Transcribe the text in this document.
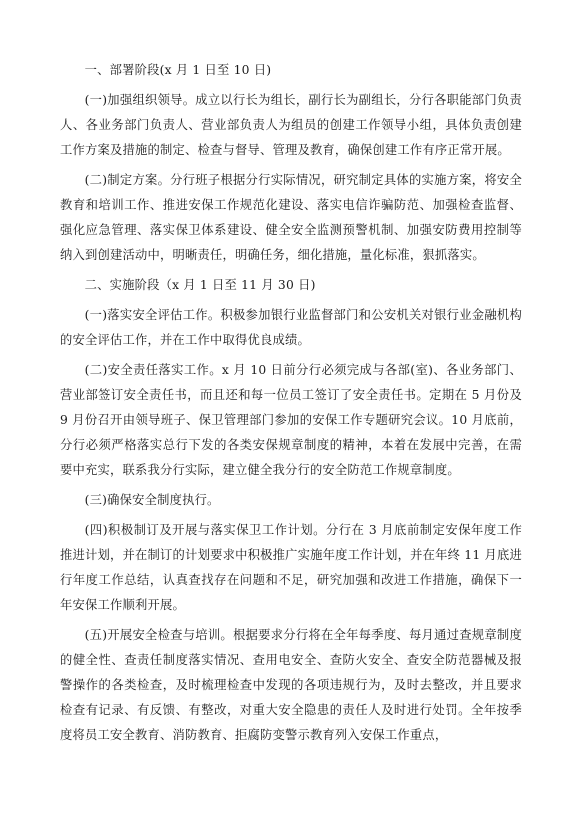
一、部署阶段(x 月 1 日至 10 日)

(一)加强组织领导。成立以行长为组长，副行长为副组长，分行各职能部门负责人、各业务部门负责人、营业部负责人为组员的创建工作领导小组，具体负责创建工作方案及措施的制定、检查与督导、管理及教育，确保创建工作有序正常开展。

(二)制定方案。分行班子根据分行实际情况，研究制定具体的实施方案，将安全教育和培训工作、推进安保工作规范化建设、落实电信诈骗防范、加强检查监督、强化应急管理、落实保卫体系建设、健全安全监测预警机制、加强安防费用控制等纳入到创建活动中，明晰责任，明确任务，细化措施，量化标准，狠抓落实。

二、实施阶段（x 月 1 日至 11 月 30 日)

(一)落实安全评估工作。积极参加银行业监督部门和公安机关对银行业金融机构的安全评估工作，并在工作中取得优良成绩。

(二)安全责任落实工作。x 月 10 日前分行必须完成与各部(室)、各业务部门、营业部签订安全责任书，而且还和每一位员工签订了安全责任书。定期在 5 月份及 9 月份召开由领导班子、保卫管理部门参加的安保工作专题研究会议。10 月底前，分行必须严格落实总行下发的各类安保规章制度的精神，本着在发展中完善，在需要中充实，联系我分行实际，建立健全我分行的安全防范工作规章制度。

(三)确保安全制度执行。

(四)积极制订及开展与落实保卫工作计划。分行在 3 月底前制定安保年度工作推进计划，并在制订的计划要求中积极推广实施年度工作计划，并在年终 11 月底进行年度工作总结，认真查找存在问题和不足，研究加强和改进工作措施，确保下一年安保工作顺利开展。

(五)开展安全检查与培训。根据要求分行将在全年每季度、每月通过查规章制度的健全性、查责任制度落实情况、查用电安全、查防火安全、查安全防范器械及报警操作的各类检查，及时梳理检查中发现的各项违规行为，及时去整改，并且要求检查有记录、有反馈、有整改，对重大安全隐患的责任人及时进行处罚。全年按季度将员工安全教育、消防教育、拒腐防变警示教育列入安保工作重点，
